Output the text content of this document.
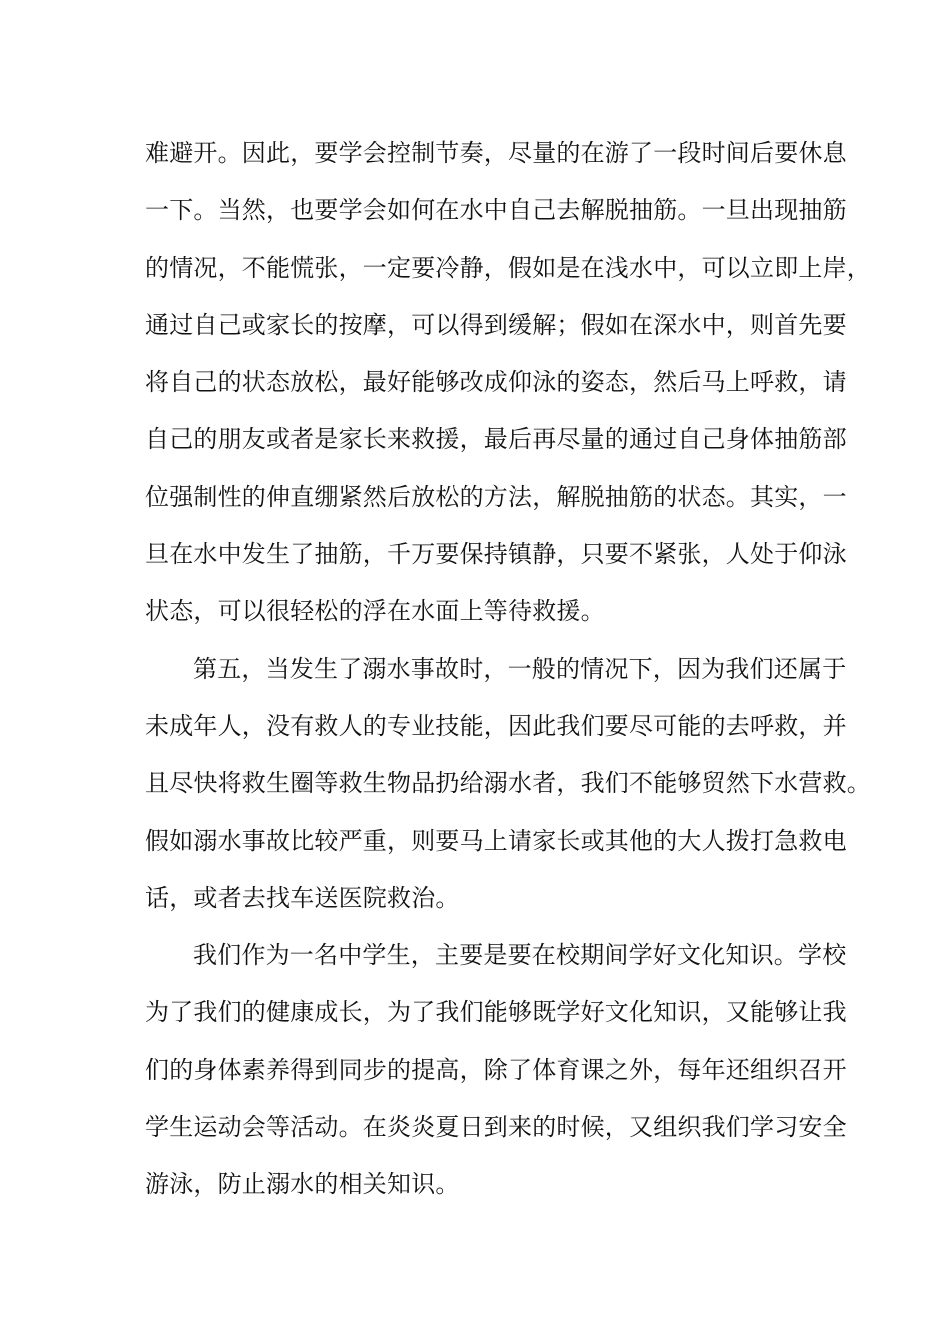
难避开。因此，要学会控制节奏，尽量的在游了一段时间后要休息
一下。当然，也要学会如何在水中自己去解脱抽筋。一旦出现抽筋
的情况，不能慌张，一定要冷静，假如是在浅水中，可以立即上岸，
通过自己或家长的按摩，可以得到缓解；假如在深水中，则首先要
将自己的状态放松，最好能够改成仰泳的姿态，然后马上呼救，请
自己的朋友或者是家长来救援，最后再尽量的通过自己身体抽筋部
位强制性的伸直绷紧然后放松的方法，解脱抽筋的状态。其实，一
旦在水中发生了抽筋，千万要保持镇静，只要不紧张，人处于仰泳
状态，可以很轻松的浮在水面上等待救援。
第五，当发生了溺水事故时，一般的情况下，因为我们还属于
未成年人，没有救人的专业技能，因此我们要尽可能的去呼救，并
且尽快将救生圈等救生物品扔给溺水者，我们不能够贸然下水营救。
假如溺水事故比较严重，则要马上请家长或其他的大人拨打急救电
话，或者去找车送医院救治。
我们作为一名中学生，主要是要在校期间学好文化知识。学校
为了我们的健康成长，为了我们能够既学好文化知识，又能够让我
们的身体素养得到同步的提高，除了体育课之外，每年还组织召开
学生运动会等活动。在炎炎夏日到来的时候，又组织我们学习安全
游泳，防止溺水的相关知识。
